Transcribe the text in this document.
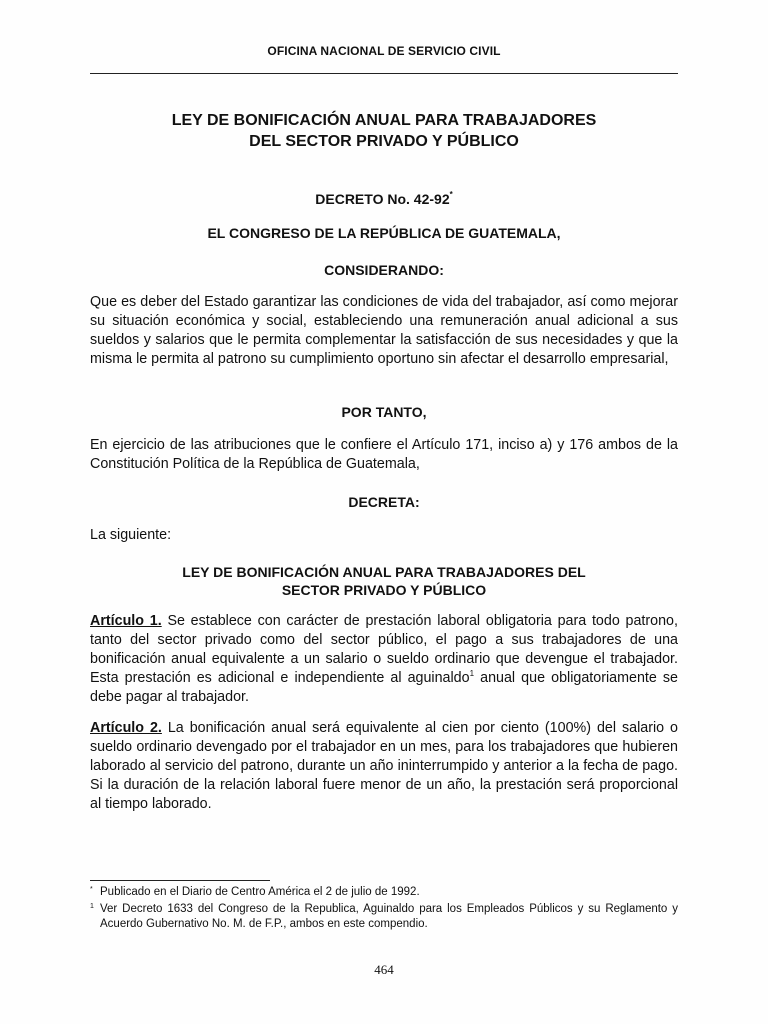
OFICINA NACIONAL DE SERVICIO CIVIL
LEY DE BONIFICACIÓN ANUAL PARA TRABAJADORES
DEL SECTOR PRIVADO Y PÚBLICO
DECRETO No. 42-92*
EL CONGRESO DE LA REPÚBLICA DE GUATEMALA,
CONSIDERANDO:
Que es deber del Estado garantizar las condiciones de vida del trabajador, así como mejorar su situación económica y social, estableciendo una remuneración anual adicional a sus sueldos y salarios que le permita complementar la satisfacción de sus necesidades y que la misma le permita al patrono su cumplimiento oportuno sin afectar el desarrollo empresarial,
POR TANTO,
En ejercicio de las atribuciones que le confiere el Artículo 171, inciso a) y 176 ambos de la Constitución Política de la República de Guatemala,
DECRETA:
La siguiente:
LEY DE BONIFICACIÓN ANUAL PARA TRABAJADORES DEL
SECTOR PRIVADO Y PÚBLICO
Artículo 1. Se establece con carácter de prestación laboral obligatoria para todo patrono, tanto del sector privado como del sector público, el pago a sus trabajadores de una bonificación anual equivalente a un salario o sueldo ordinario que devengue el trabajador. Esta prestación es adicional e independiente al aguinaldo$^1$ anual que obligatoriamente se debe pagar al trabajador.
Artículo 2. La bonificación anual será equivalente al cien por ciento (100%) del salario o sueldo ordinario devengado por el trabajador en un mes, para los trabajadores que hubieren laborado al servicio del patrono, durante un año ininterrumpido y anterior a la fecha de pago. Si la duración de la relación laboral fuere menor de un año, la prestación será proporcional al tiempo laborado.
* Publicado en el Diario de Centro América el 2 de julio de 1992.
1 Ver Decreto 1633 del Congreso de la Republica, Aguinaldo para los Empleados Públicos y su Reglamento y Acuerdo Gubernativo No. M. de F.P., ambos en este compendio.
464
